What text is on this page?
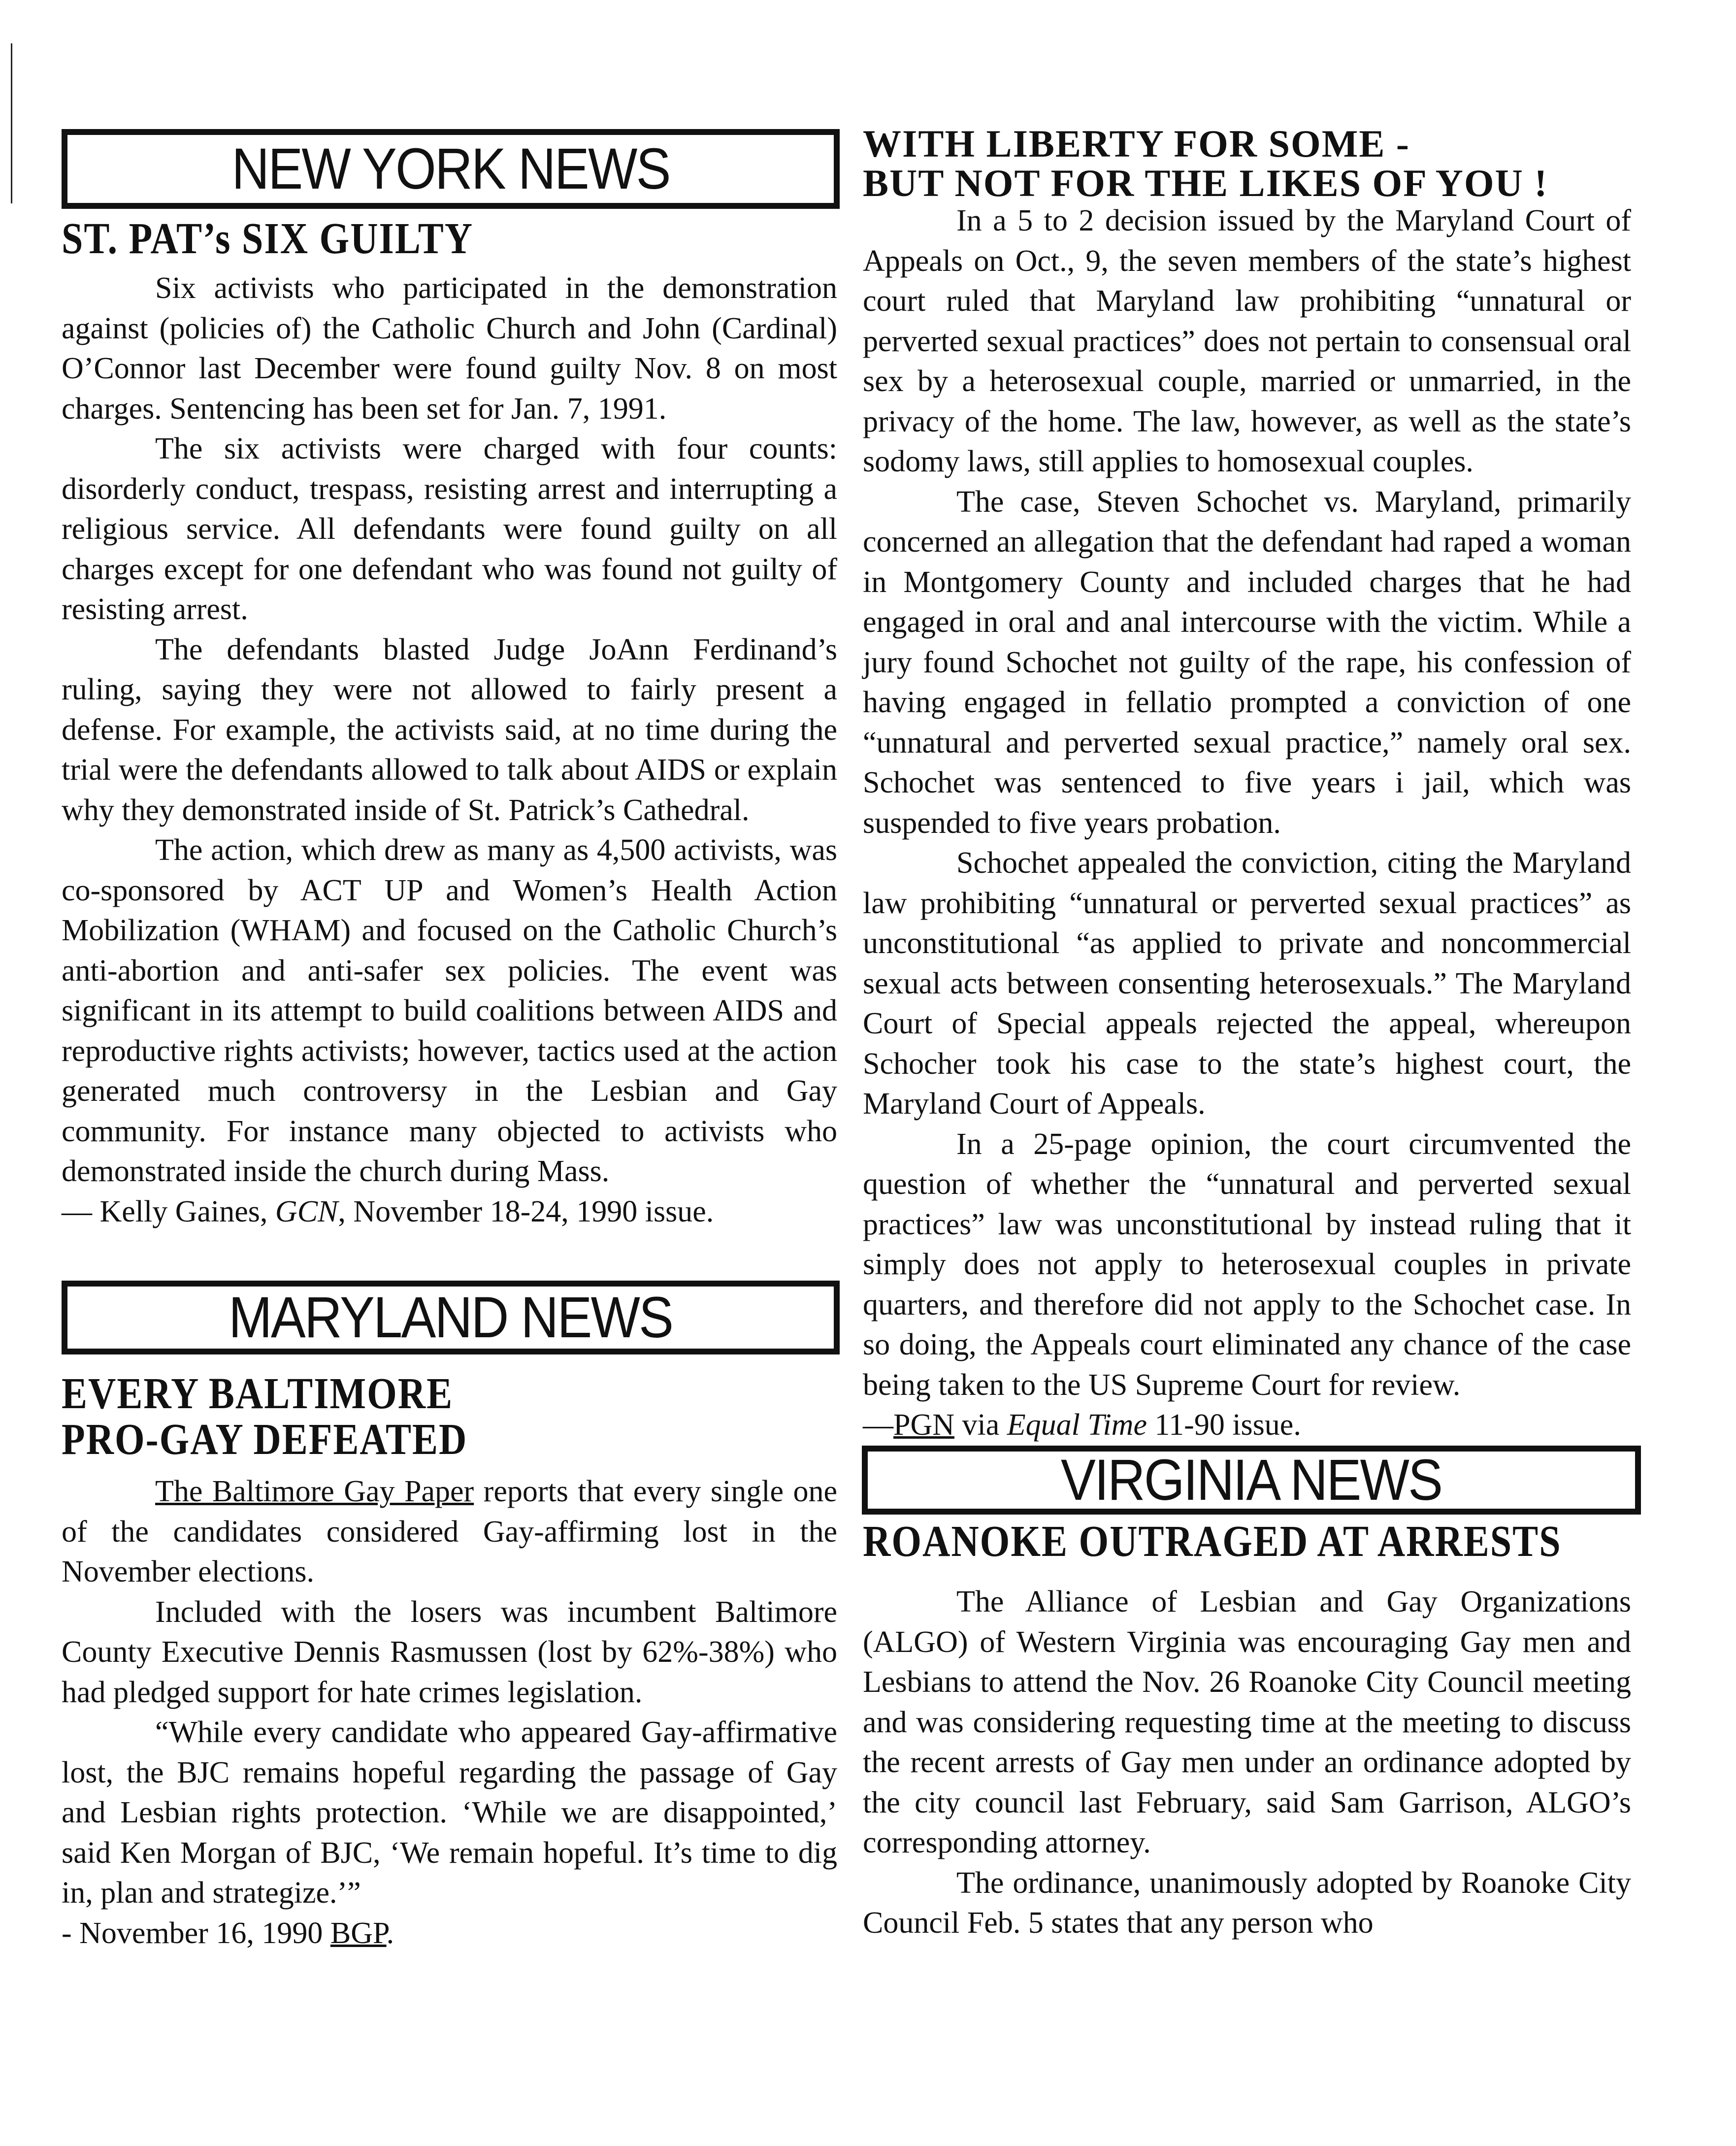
NEW YORK NEWS
ST. PAT’s SIX GUILTY

Six activists who participated in the demonstration against (policies of) the Catholic Church and John (Cardinal) O’Connor last December were found guilty Nov. 8 on most charges. Sentencing has been set for Jan. 7, 1991.

The six activists were charged with four counts: disorderly conduct, trespass, resisting arrest and interrupting a religious service. All defendants were found guilty on all charges except for one defendant who was found not guilty of resisting arrest.

The defendants blasted Judge JoAnn Ferdinand’s ruling, saying they were not allowed to fairly present a defense. For example, the activists said, at no time during the trial were the defendants allowed to talk about AIDS or explain why they demonstrated inside of St. Patrick’s Cathedral.

The action, which drew as many as 4,500 activists, was co-sponsored by ACT UP and Women’s Health Action Mobilization (WHAM) and focused on the Catholic Church’s anti-abortion and anti-safer sex policies. The event was significant in its attempt to build coalitions between AIDS and reproductive rights activists; however, tactics used at the action generated much controversy in the Lesbian and Gay community. For instance many objected to activists who demonstrated inside the church during Mass.

— Kelly Gaines, GCN, November 18-24, 1990 issue.

MARYLAND NEWS
EVERY BALTIMORE
PRO-GAY DEFEATED

The Baltimore Gay Paper reports that every single one of the candidates considered Gay-affirming lost in the November elections.

Included with the losers was incumbent Baltimore County Executive Dennis Rasmussen (lost by 62%-38%) who had pledged support for hate crimes legislation.

“While every candidate who appeared Gay-affirmative lost, the BJC remains hopeful regarding the passage of Gay and Lesbian rights protection. ‘While we are disappointed,’ said Ken Morgan of BJC, ‘We remain hopeful. It’s time to dig in, plan and strategize.’”

- November 16, 1990 BGP.

WITH LIBERTY FOR SOME -
BUT NOT FOR THE LIKES OF YOU !

In a 5 to 2 decision issued by the Maryland Court of Appeals on Oct., 9, the seven members of the state’s highest court ruled that Maryland law prohibiting “unnatural or perverted sexual practices” does not pertain to consensual oral sex by a heterosexual couple, married or unmarried, in the privacy of the home. The law, however, as well as the state’s sodomy laws, still applies to homosexual couples.

The case, Steven Schochet vs. Maryland, primarily concerned an allegation that the defendant had raped a woman in Montgomery County and included charges that he had engaged in oral and anal intercourse with the victim. While a jury found Schochet not guilty of the rape, his confession of having engaged in fellatio prompted a conviction of one “unnatural and perverted sexual practice,” namely oral sex. Schochet was sentenced to five years i jail, which was suspended to five years probation.

Schochet appealed the conviction, citing the Maryland law prohibiting “unnatural or perverted sexual practices” as unconstitutional “as applied to private and noncommercial sexual acts between consenting heterosexuals.” The Maryland Court of Special appeals rejected the appeal, whereupon Schocher took his case to the state’s highest court, the Maryland Court of Appeals.

In a 25-page opinion, the court circumvented the question of whether the “unnatural and perverted sexual practices” law was unconstitutional by instead ruling that it simply does not apply to heterosexual couples in private quarters, and therefore did not apply to the Schochet case. In so doing, the Appeals court eliminated any chance of the case being taken to the US Supreme Court for review.

—PGN via Equal Time 11-90 issue.

VIRGINIA NEWS
ROANOKE OUTRAGED AT ARRESTS

The Alliance of Lesbian and Gay Organizations (ALGO) of Western Virginia was encouraging Gay men and Lesbians to attend the Nov. 26 Roanoke City Council meeting and was considering requesting time at the meeting to discuss the recent arrests of Gay men under an ordinance adopted by the city council last February, said Sam Garrison, ALGO’s corresponding attorney.

The ordinance, unanimously adopted by Roanoke City Council Feb. 5 states that any person who
